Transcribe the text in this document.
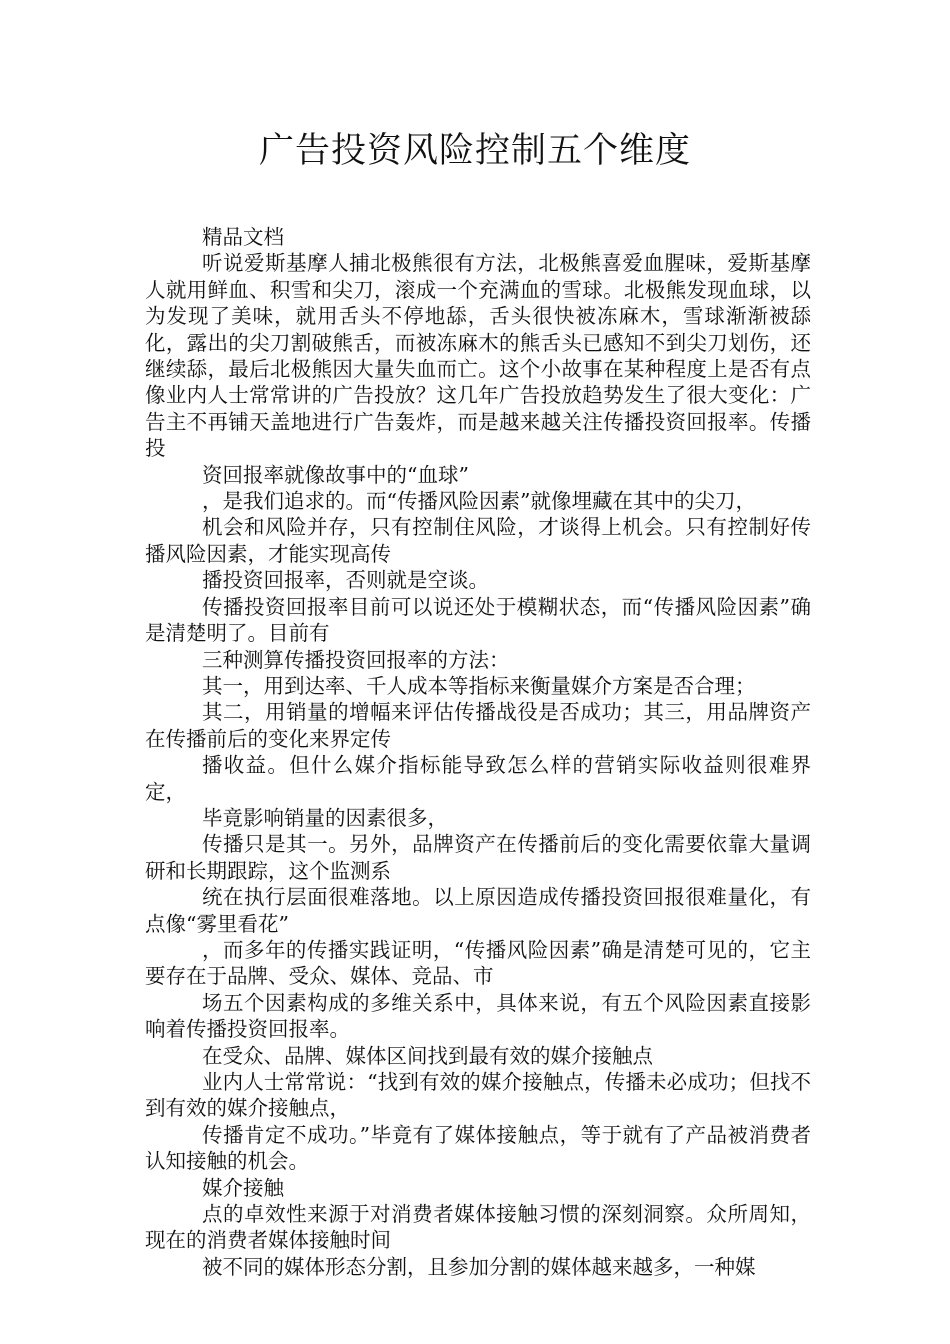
广告投资风险控制五个维度

精品文档

听说爱斯基摩人捕北极熊很有方法，北极熊喜爱血腥味，爱斯基摩人就用鲜血、积雪和尖刀，滚成一个充满血的雪球。北极熊发现血球，以为发现了美味，就用舌头不停地舔，舌头很快被冻麻木，雪球渐渐被舔化，露出的尖刀割破熊舌，而被冻麻木的熊舌头已感知不到尖刀划伤，还继续舔，最后北极熊因大量失血而亡。这个小故事在某种程度上是否有点像业内人士常常讲的广告投放？这几年广告投放趋势发生了很大变化：广告主不再铺天盖地进行广告轰炸，而是越来越关注传播投资回报率。传播投

资回报率就像故事中的“血球”

，是我们追求的。而“传播风险因素”就像埋藏在其中的尖刀，

机会和风险并存，只有控制住风险，才谈得上机会。只有控制好传播风险因素，才能实现高传

播投资回报率，否则就是空谈。

传播投资回报率目前可以说还处于模糊状态，而“传播风险因素”确是清楚明了。目前有

三种测算传播投资回报率的方法：

其一，用到达率、千人成本等指标来衡量媒介方案是否合理；

其二，用销量的增幅来评估传播战役是否成功；其三，用品牌资产在传播前后的变化来界定传

播收益。但什么媒介指标能导致怎么样的营销实际收益则很难界定，

毕竟影响销量的因素很多，

传播只是其一。另外，品牌资产在传播前后的变化需要依靠大量调研和长期跟踪，这个监测系

统在执行层面很难落地。以上原因造成传播投资回报很难量化，有点像“雾里看花”

，而多年的传播实践证明，“传播风险因素”确是清楚可见的，它主要存在于品牌、受众、媒体、竞品、市

场五个因素构成的多维关系中，具体来说，有五个风险因素直接影响着传播投资回报率。

在受众、品牌、媒体区间找到最有效的媒介接触点

业内人士常常说：“找到有效的媒介接触点，传播未必成功；但找不到有效的媒介接触点，

传播肯定不成功。”毕竟有了媒体接触点，等于就有了产品被消费者认知接触的机会。

媒介接触

点的卓效性来源于对消费者媒体接触习惯的深刻洞察。众所周知，现在的消费者媒体接触时间

被不同的媒体形态分割，且参加分割的媒体越来越多，一种媒
